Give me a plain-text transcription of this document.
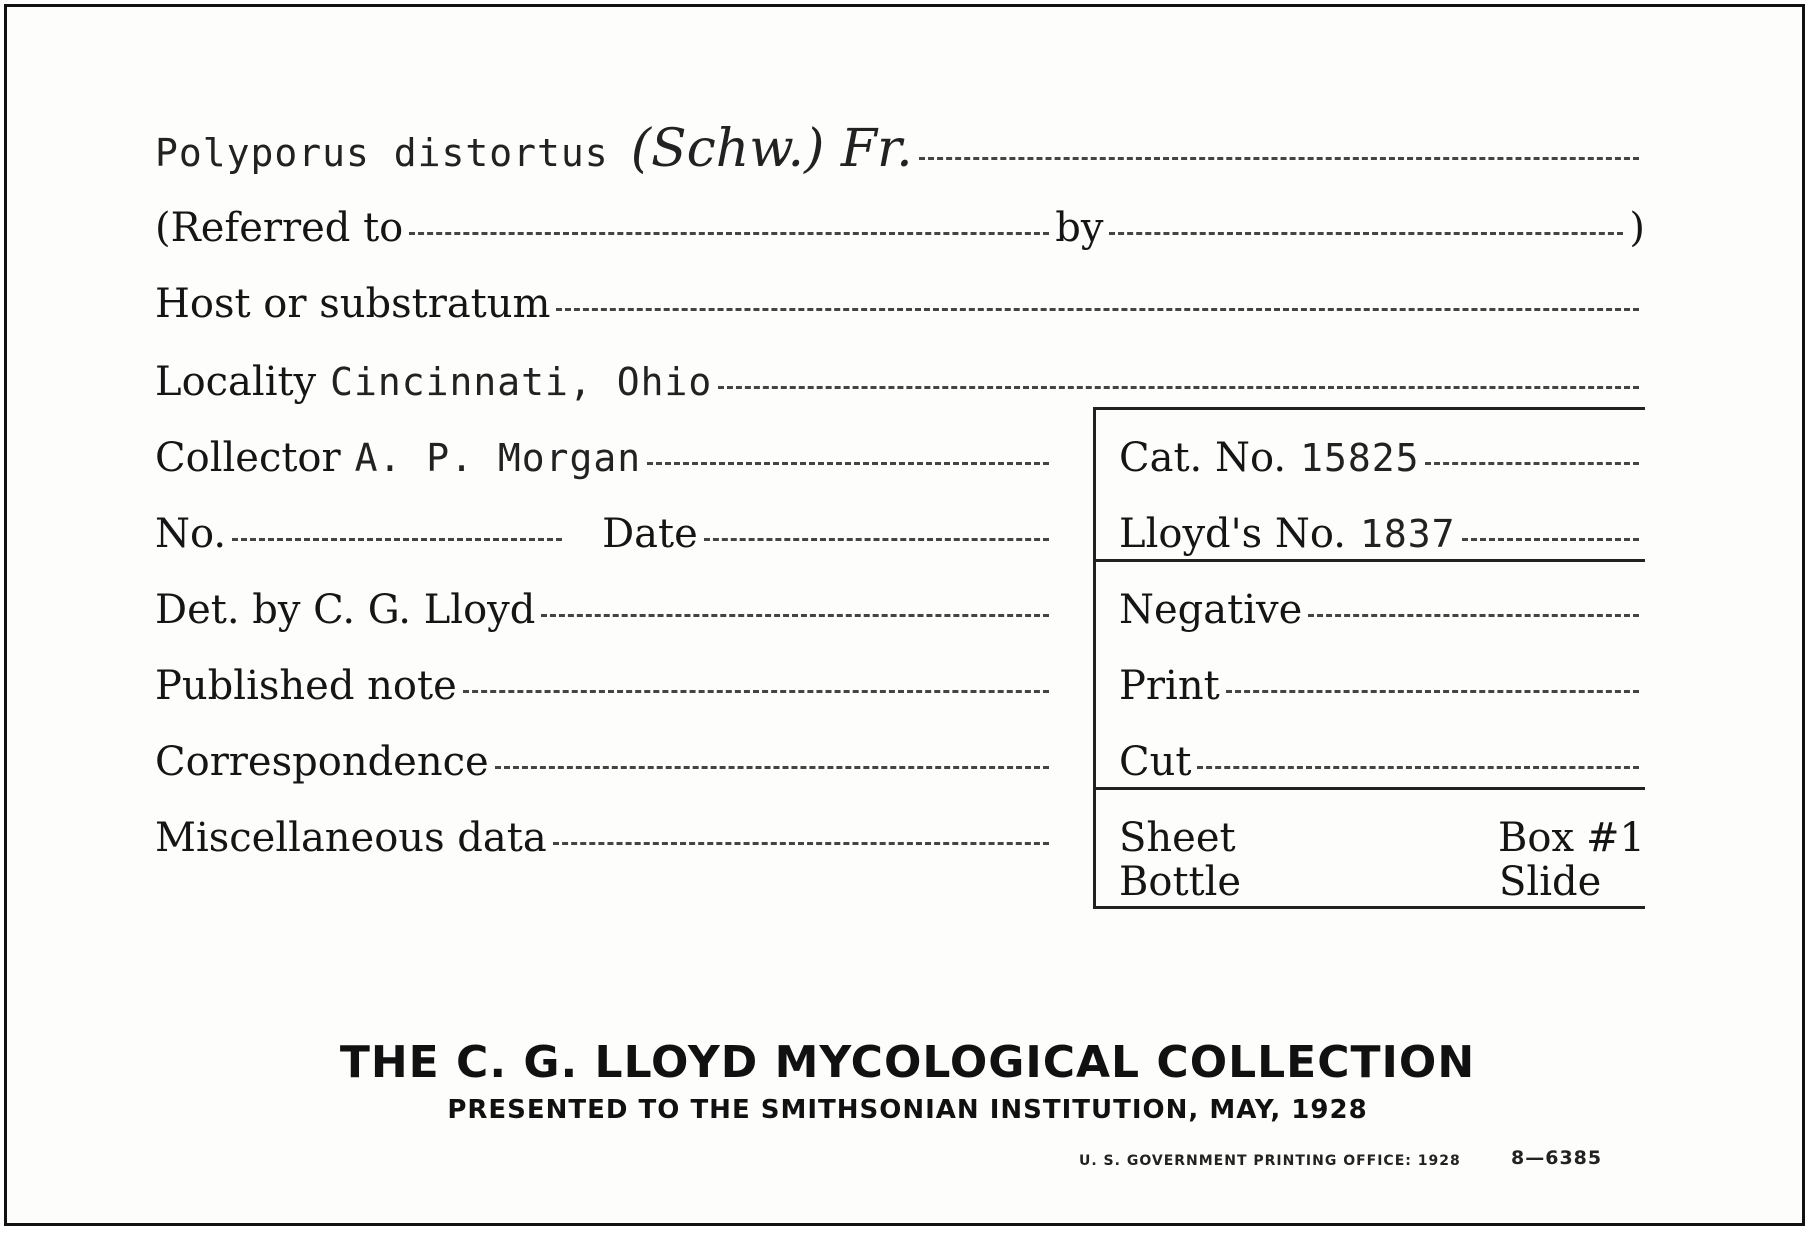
Polyporus distortus (Schw.) Fr.
(Referred to	by	)
Host or substratum
Locality Cincinnati, Ohio
Collector A. P. Morgan
No.	Date
Det. by C. G. Lloyd
Published note
Correspondence
Miscellaneous data
Cat. No. 15825
Lloyd's No. 1837
Negative
Print
Cut
Sheet	Box #1
Bottle	Slide
THE C. G. LLOYD MYCOLOGICAL COLLECTION
PRESENTED TO THE SMITHSONIAN INSTITUTION, MAY, 1928
U. S. GOVERNMENT PRINTING OFFICE: 1928	8—6385
